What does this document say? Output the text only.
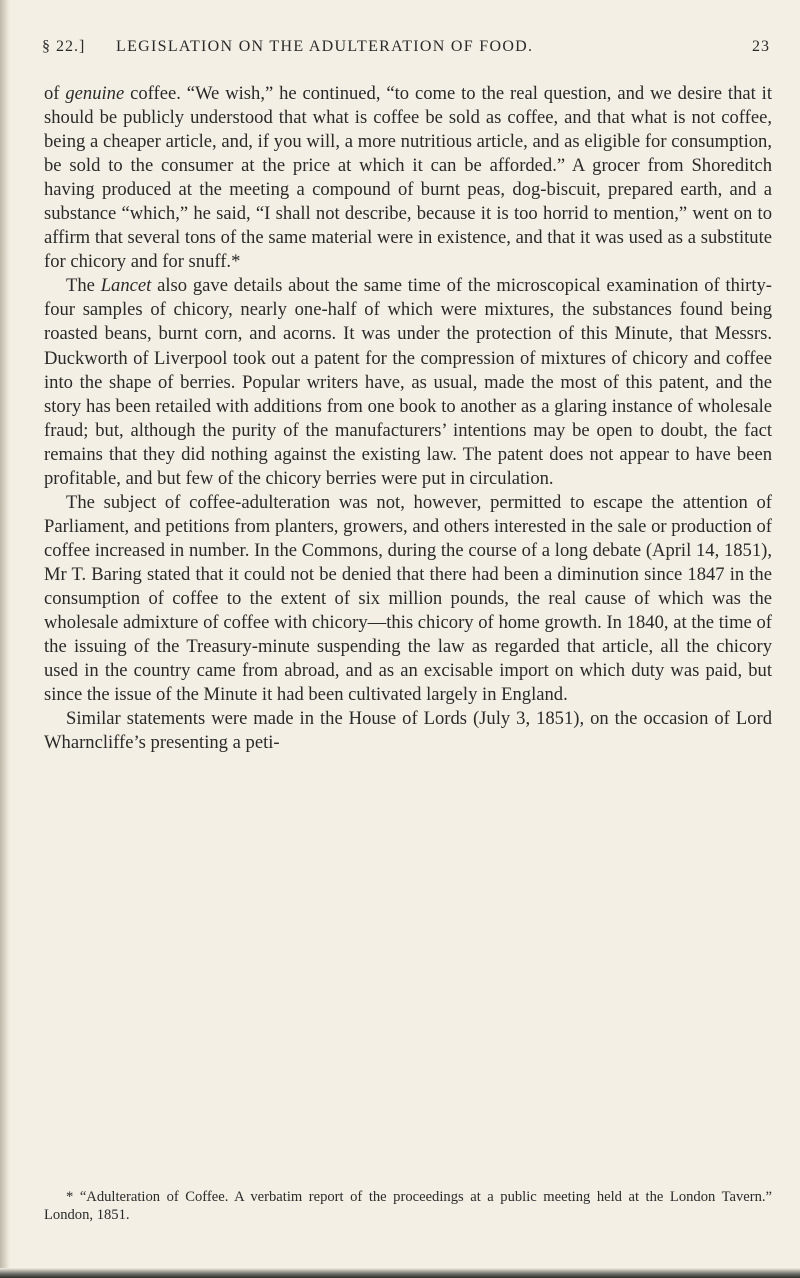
§ 22.] LEGISLATION ON THE ADULTERATION OF FOOD.	23

of genuine coffee. “We wish,” he continued, “to come to the real question, and we desire that it should be publicly understood that what is coffee be sold as coffee, and that what is not coffee, being a cheaper article, and, if you will, a more nutritious article, and as eligible for consumption, be sold to the consumer at the price at which it can be afforded.” A grocer from Shoreditch having produced at the meeting a compound of burnt peas, dog-biscuit, prepared earth, and a substance “which,” he said, “I shall not describe, because it is too horrid to mention,” went on to affirm that several tons of the same material were in existence, and that it was used as a substitute for chicory and for snuff.*

The Lancet also gave details about the same time of the microscopical examination of thirty-four samples of chicory, nearly one-half of which were mixtures, the substances found being roasted beans, burnt corn, and acorns. It was under the protection of this Minute, that Messrs. Duckworth of Liverpool took out a patent for the compression of mixtures of chicory and coffee into the shape of berries. Popular writers have, as usual, made the most of this patent, and the story has been retailed with additions from one book to another as a glaring instance of wholesale fraud; but, although the purity of the manufacturers’ intentions may be open to doubt, the fact remains that they did nothing against the existing law. The patent does not appear to have been profitable, and but few of the chicory berries were put in circulation.

The subject of coffee-adulteration was not, however, permitted to escape the attention of Parliament, and petitions from planters, growers, and others interested in the sale or production of coffee increased in number. In the Commons, during the course of a long debate (April 14, 1851), Mr T. Baring stated that it could not be denied that there had been a diminution since 1847 in the consumption of coffee to the extent of six million pounds, the real cause of which was the wholesale admixture of coffee with chicory—this chicory of home growth. In 1840, at the time of the issuing of the Treasury-minute suspending the law as regarded that article, all the chicory used in the country came from abroad, and as an excisable import on which duty was paid, but since the issue of the Minute it had been cultivated largely in England.

Similar statements were made in the House of Lords (July 3, 1851), on the occasion of Lord Wharncliffe’s presenting a peti-

* “Adulteration of Coffee. A verbatim report of the proceedings at a public meeting held at the London Tavern.” London, 1851.
